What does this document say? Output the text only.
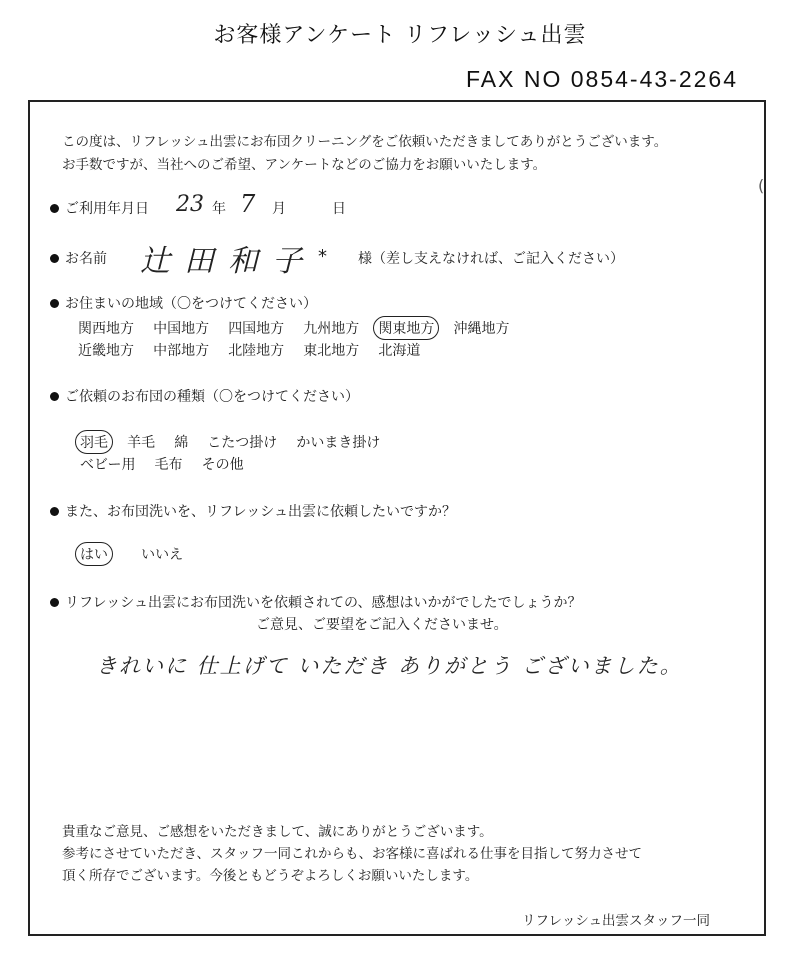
お客様アンケート リフレッシュ出雲
FAX NO 0854-43-2264
この度は、リフレッシュ出雲にお布団クリーニングをご依頼いただきましてありがとうございます。
お手数ですが、当社へのご希望、アンケートなどのご協力をお願いいたします。
(
ご利用年月日 23 年 7 月	日
お名前 辻田和子 * 様（差し支えなければ、ご記入ください）
お住まいの地域（〇をつけてください）
関西地方 中国地方 四国地方 九州地方 関東地方 沖縄地方
近畿地方 中部地方 北陸地方 東北地方 北海道
ご依頼のお布団の種類（〇をつけてください）
羽毛 羊毛 綿 こたつ掛け かいまき掛け
ベビー用 毛布 その他
また、お布団洗いを、リフレッシュ出雲に依頼したいですか？
はい いいえ
リフレッシュ出雲にお布団洗いを依頼されての、感想はいかがでしたでしょうか？
ご意見、ご要望をご記入くださいませ。
きれいに 仕上げて いただき ありがとう ございました。
貴重なご意見、ご感想をいただきまして、誠にありがとうございます。
参考にさせていただき、スタッフ一同これからも、お客様に喜ばれる仕事を目指して努力させて
頂く所存でございます。今後ともどうぞよろしくお願いいたします。
リフレッシュ出雲スタッフ一同
